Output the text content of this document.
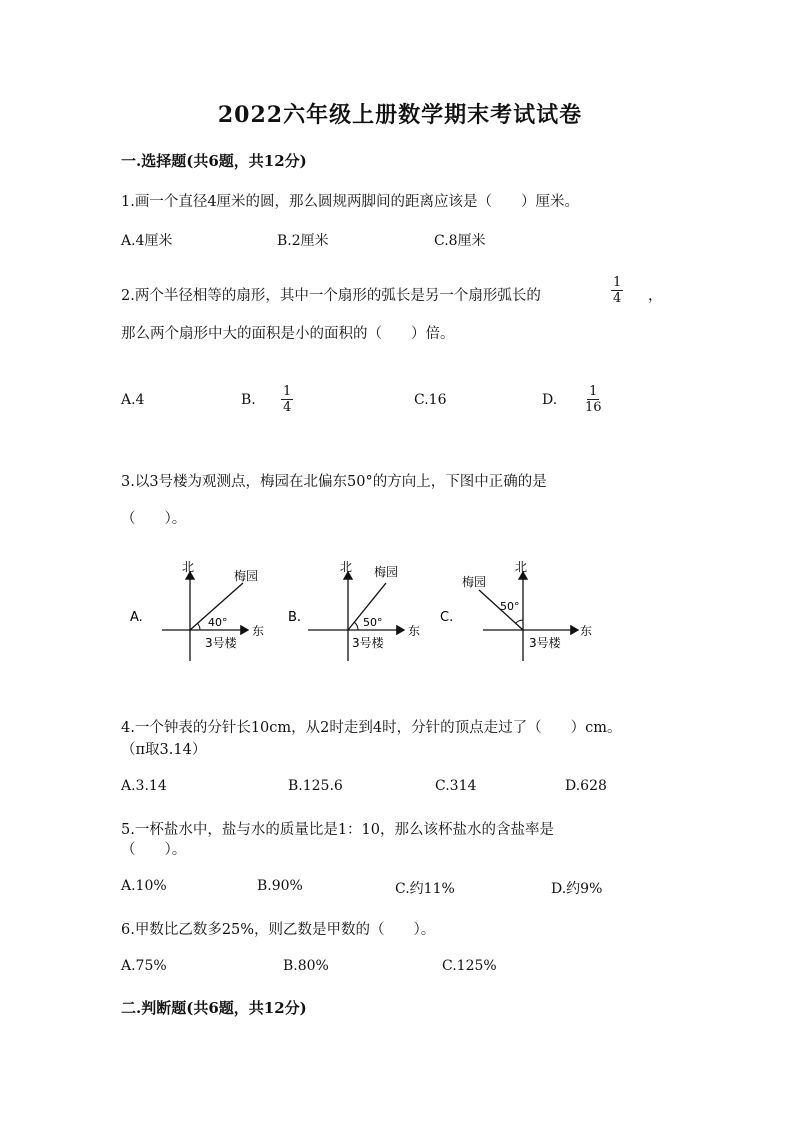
2022六年级上册数学期末考试试卷
一.选择题(共6题，共12分)
1.画一个直径4厘米的圆，那么圆规两脚间的距离应该是（　　）厘米。
A.4厘米	B.2厘米	C.8厘米
2.两个半径相等的扇形，其中一个扇形的弧长是另一个扇形弧长的	$\frac{1}{4}$ ，
那么两个扇形中大的面积是小的面积的（　　）倍。
A.4	B. $\frac{1}{4}$	C.16	D. $\frac{1}{16}$
3.以3号楼为观测点，梅园在北偏东50°的方向上，下图中正确的是
（　　）。
A.
北
东
梅园
3号楼
40°	B.
北
东
梅园
3号楼
50°	C.
北
东
梅园
3号楼
50°
4.一个钟表的分针长10cm，从2时走到4时，分针的顶点走过了（　　）cm。
（π取3.14）
A.3.14	B.125.6	C.314	D.628
5.一杯盐水中，盐与水的质量比是1：10，那么该杯盐水的含盐率是
（　　）。
A.10%	B.90%	C.约11%	D.约9%
6.甲数比乙数多25%，则乙数是甲数的（　　）。
A.75%	B.80%	C.125%
二.判断题(共6题，共12分)
